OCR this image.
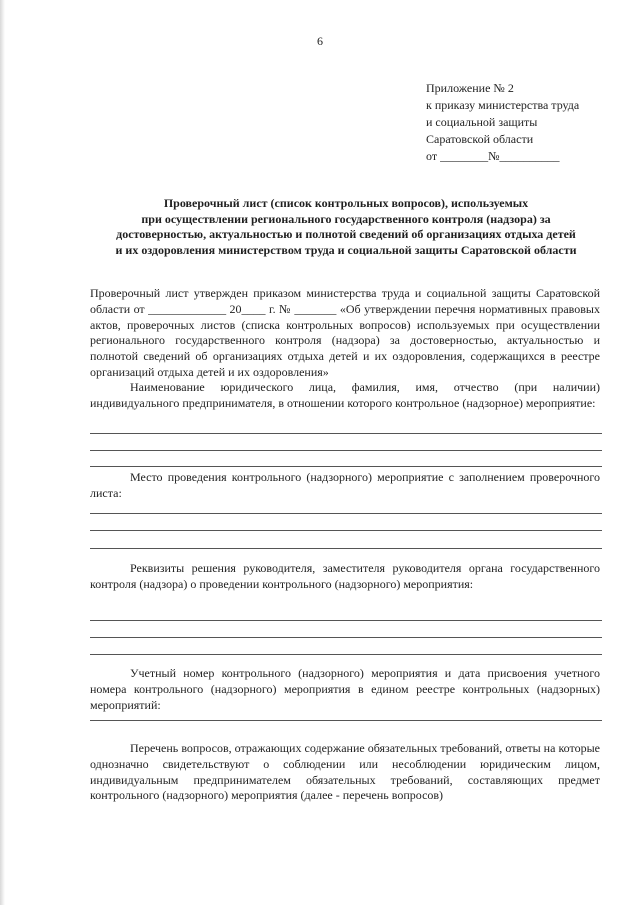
6
Приложение № 2
к приказу министерства труда
и социальной защиты
Саратовской области
от ________№__________
Проверочный лист (список контрольных вопросов), используемых
при осуществлении регионального государственного контроля (надзора) за
достоверностью, актуальностью и полнотой сведений об организациях отдыха детей
и их оздоровления министерством труда и социальной защиты Саратовской области
Проверочный лист утвержден приказом министерства труда и социальной защиты Саратовской области от _____________ 20____ г. № _______ «Об утверждении перечня нормативных правовых актов, проверочных листов (списка контрольных вопросов) используемых при осуществлении регионального государственного контроля (надзора) за достоверностью, актуальностью и полнотой сведений об организациях отдыха детей и их оздоровления, содержащихся в реестре организаций отдыха детей и их оздоровления»
Наименование юридического лица, фамилия, имя, отчество (при наличии) индивидуального предпринимателя, в отношении которого контрольное (надзорное) мероприятие:
Место проведения контрольного (надзорного) мероприятие с заполнением проверочного листа:
Реквизиты решения руководителя, заместителя руководителя органа государственного контроля (надзора) о проведении контрольного (надзорного) мероприятия:
Учетный номер контрольного (надзорного) мероприятия и дата присвоения учетного номера контрольного (надзорного) мероприятия в едином реестре контрольных (надзорных) мероприятий:
Перечень вопросов, отражающих содержание обязательных требований, ответы на которые однозначно свидетельствуют о соблюдении или несоблюдении юридическим лицом, индивидуальным предпринимателем обязательных требований, составляющих предмет контрольного (надзорного) мероприятия (далее - перечень вопросов)
